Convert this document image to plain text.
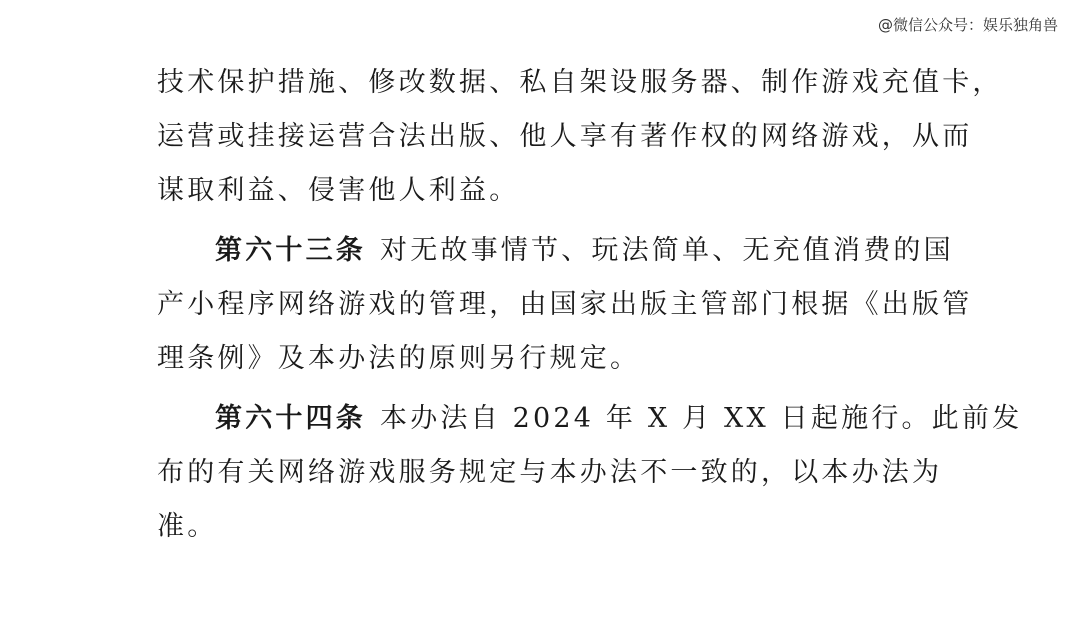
@微信公众号：娱乐独角兽
技术保护措施、修改数据、私自架设服务器、制作游戏充值卡，
运营或挂接运营合法出版、他人享有著作权的网络游戏，从而
谋取利益、侵害他人利益。
第六十三条 对无故事情节、玩法简单、无充值消费的国
产小程序网络游戏的管理，由国家出版主管部门根据《出版管
理条例》及本办法的原则另行规定。
第六十四条 本办法自 2024 年 X 月 XX 日起施行。此前发
布的有关网络游戏服务规定与本办法不一致的，以本办法为
准。
